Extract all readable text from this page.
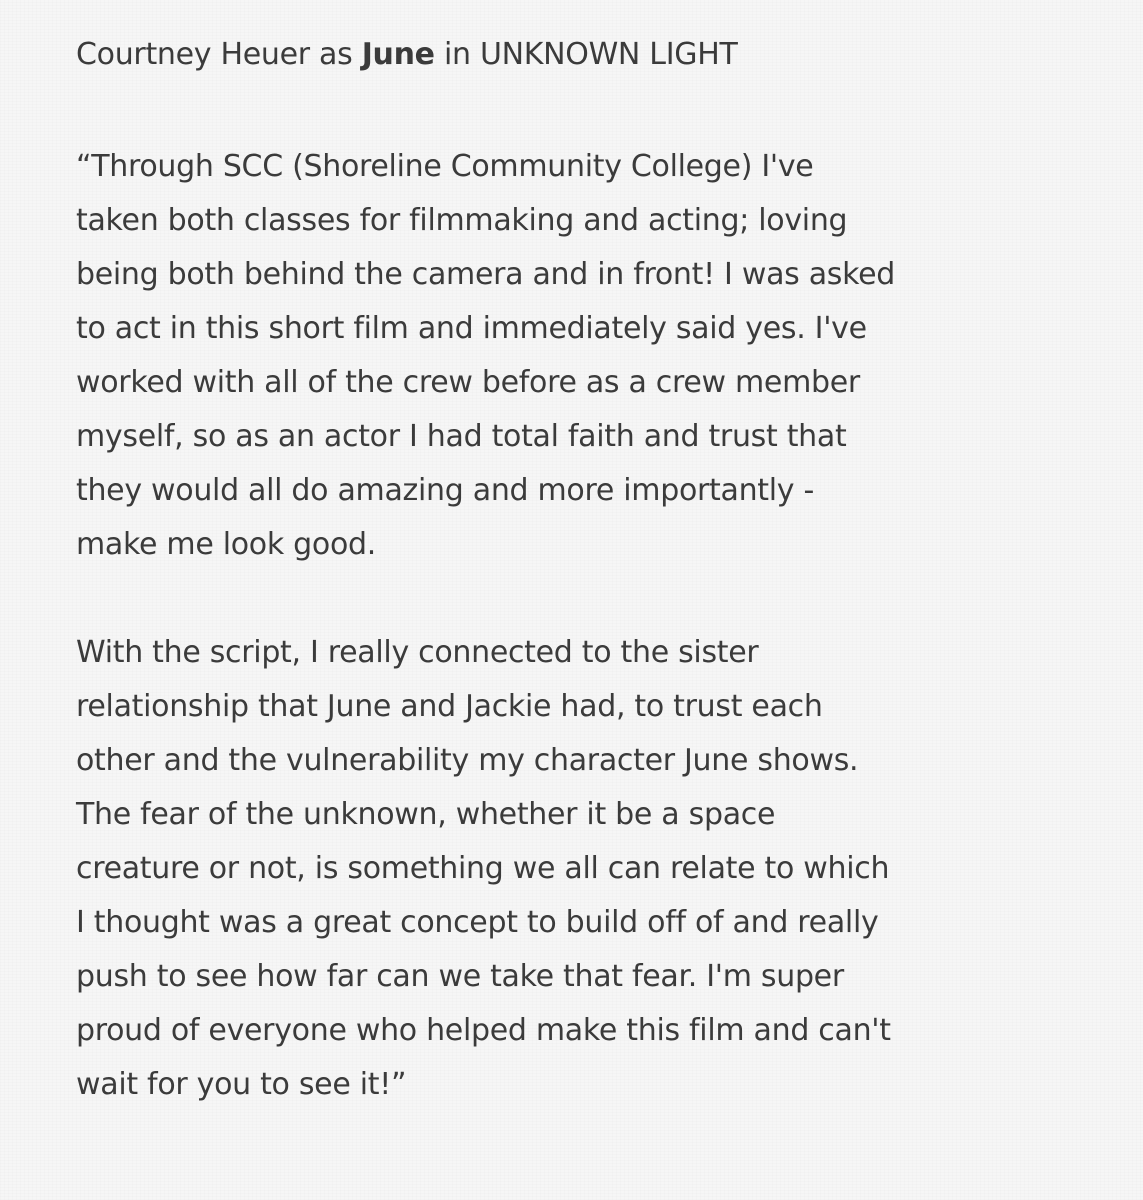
Courtney Heuer as June in UNKNOWN LIGHT

“Through SCC (Shoreline Community College) I've
taken both classes for filmmaking and acting; loving
being both behind the camera and in front! I was asked
to act in this short film and immediately said yes. I've
worked with all of the crew before as a crew member
myself, so as an actor I had total faith and trust that
they would all do amazing and more importantly -
make me look good.

With the script, I really connected to the sister
relationship that June and Jackie had, to trust each
other and the vulnerability my character June shows.
The fear of the unknown, whether it be a space
creature or not, is something we all can relate to which
I thought was a great concept to build off of and really
push to see how far can we take that fear. I'm super
proud of everyone who helped make this film and can't
wait for you to see it!”
